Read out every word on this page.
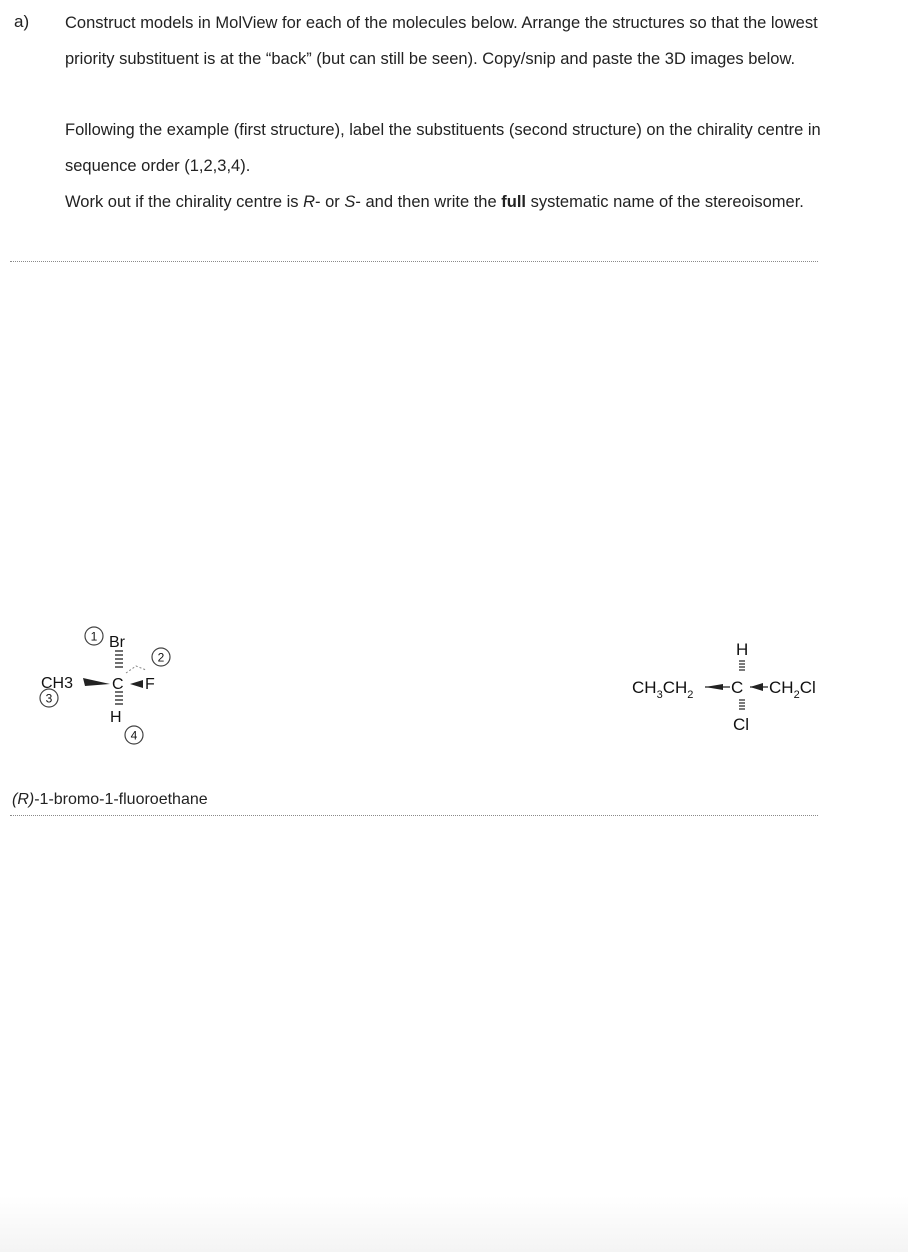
a) Construct models in MolView for each of the molecules below. Arrange the structures so that the lowest priority substituent is at the “back” (but can still be seen). Copy/snip and paste the 3D images below.
Following the example (first structure), label the substituents (second structure) on the chirality centre in sequence order (1,2,3,4).
Work out if the chirality centre is R- or S- and then write the full systematic name of the stereoisomer.
Br
C F
CH3
H
1
2
3
4
H
$CH_3CH_2$ C $CH_2Cl$
Cl
(R)-1-bromo-1-fluoroethane
